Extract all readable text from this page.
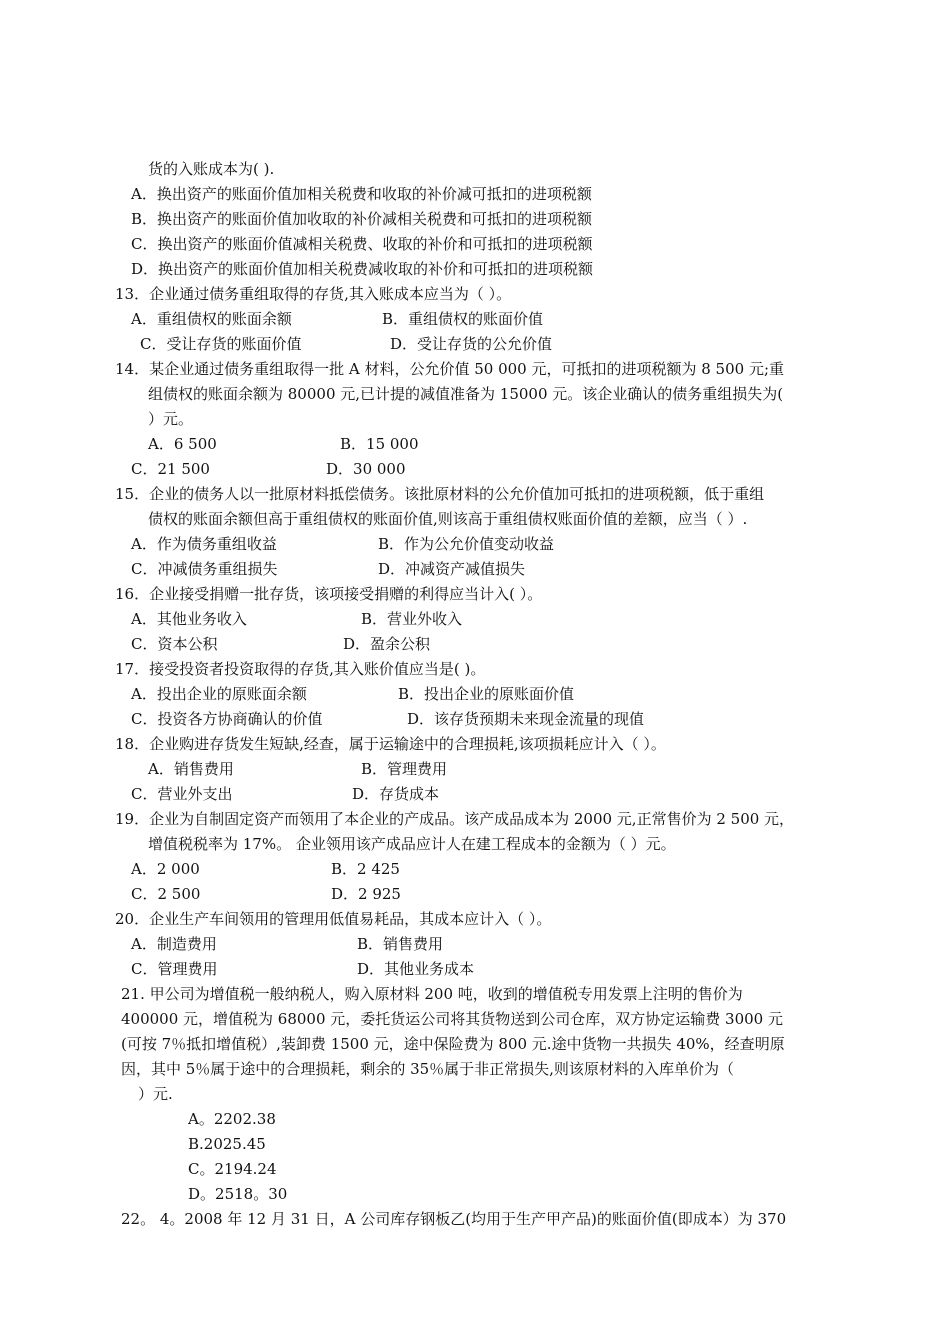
货的入账成本为( ).
A．换出资产的账面价值加相关税费和收取的补价减可抵扣的进项税额
B．换出资产的账面价值加收取的补价减相关税费和可抵扣的进项税额
C．换出资产的账面价值减相关税费、收取的补价和可抵扣的进项税额
D．换出资产的账面价值加相关税费减收取的补价和可抵扣的进项税额
13．企业通过债务重组取得的存货,其入账成本应当为（ ）。
A．重组债权的账面余额	B．重组债权的账面价值
C．受让存货的账面价值	D．受让存货的公允价值
14．某企业通过债务重组取得一批 A 材料，公允价值 50 000 元，可抵扣的进项税额为 8 500 元;重
组债权的账面余额为 80000 元,已计提的减值准备为 15000 元。该企业确认的债务重组损失为(
）元。
A．6 500	B．15 000
C．21 500	D．30 000
15．企业的债务人以一批原材料抵偿债务。该批原材料的公允价值加可抵扣的进项税额，低于重组
债权的账面余额但高于重组债权的账面价值,则该高于重组债权账面价值的差额，应当（ ）.
A．作为债务重组收益	B．作为公允价值变动收益
C．冲减债务重组损失	D．冲减资产减值损失
16．企业接受捐赠一批存货，该项接受捐赠的利得应当计入( ）。
A．其他业务收入	B．营业外收入
C．资本公积	D．盈余公积
17．接受投资者投资取得的存货,其入账价值应当是( )。
A．投出企业的原账面余额	B．投出企业的原账面价值
C．投资各方协商确认的价值	D．该存货预期未来现金流量的现值
18．企业购进存货发生短缺,经查，属于运输途中的合理损耗,该项损耗应计入（ ）。
A．销售费用	B．管理费用
C．营业外支出	D．存货成本
19．企业为自制固定资产而领用了本企业的产成品。该产成品成本为 2000 元,正常售价为 2 500 元，
增值税税率为 17%。 企业领用该产成品应计人在建工程成本的金额为（ ）元。
A．2 000	B．2 425
C．2 500	D．2 925
20．企业生产车间领用的管理用低值易耗品，其成本应计入（ ）。
A．制造费用	B．销售费用
C．管理费用	D．其他业务成本
21. 甲公司为增值税一般纳税人，购入原材料 200 吨，收到的增值税专用发票上注明的售价为
400000 元，增值税为 68000 元，委托货运公司将其货物送到公司仓库，双方协定运输费 3000 元
(可按 7％抵扣增值税）,装卸费 1500 元，途中保险费为 800 元.途中货物一共损失 40%，经查明原
因，其中 5％属于途中的合理损耗，剩余的 35％属于非正常损失,则该原材料的入库单价为（
）元.
A。2202.38
B.2025.45
C。2194.24
D。2518。30
22。 4。2008 年 12 月 31 日，A 公司库存钢板乙(均用于生产甲产品)的账面价值(即成本）为 370
